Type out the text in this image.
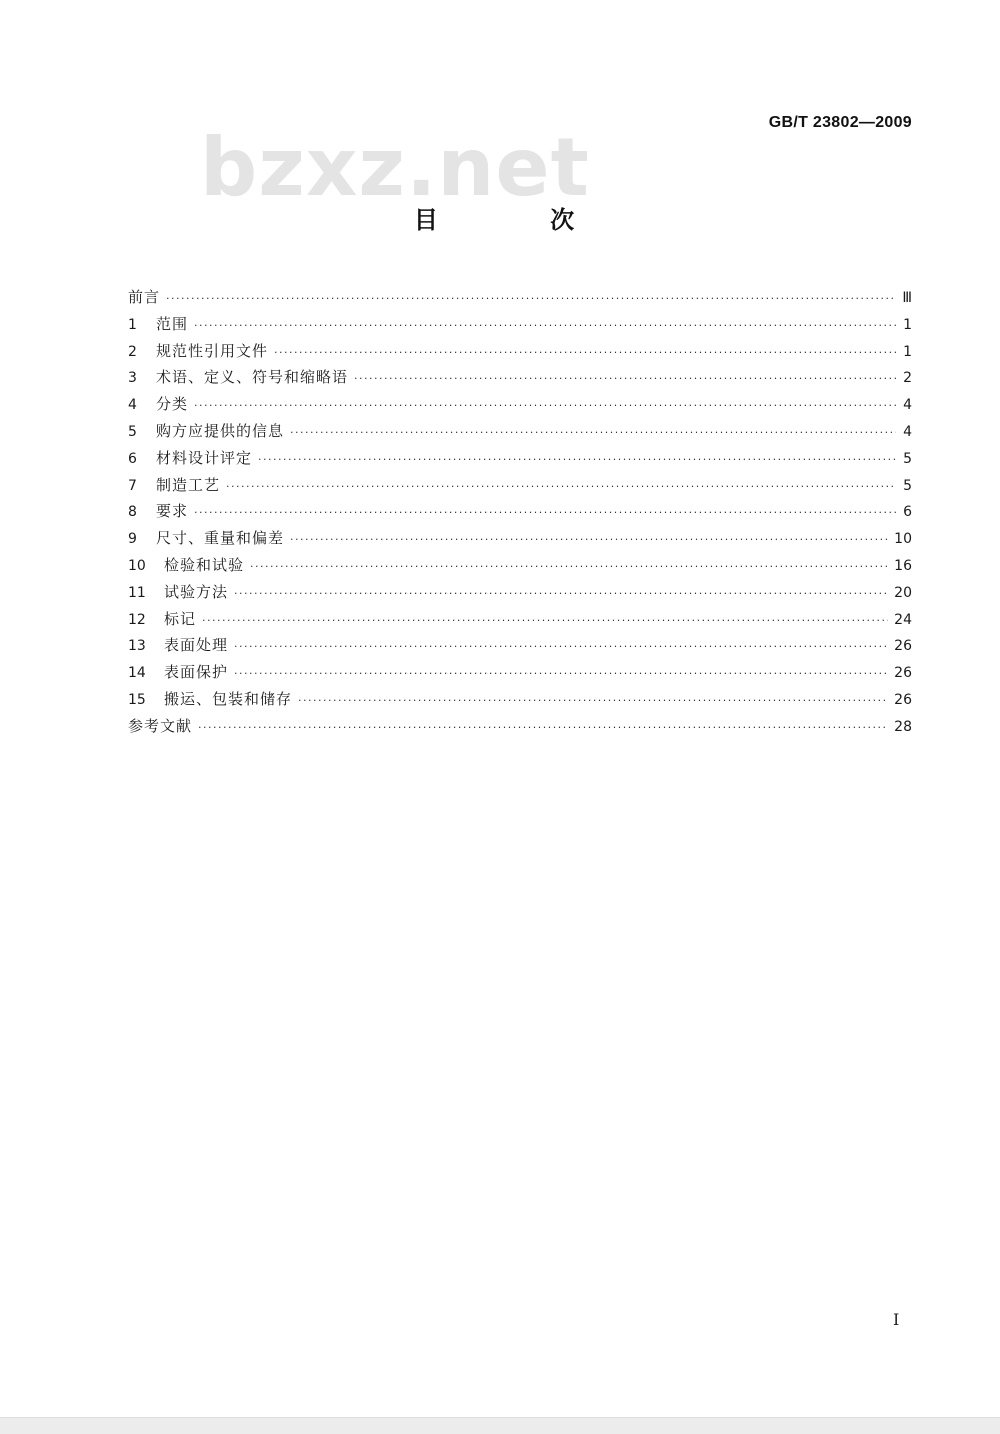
GB/T 23802—2009
bzxz.net
目 次
前言 ·····	Ⅲ
1	范围 ·····	1
2	规范性引用文件 ·····	1
3	术语、定义、符号和缩略语 ·····	2
4	分类 ·····	4
5	购方应提供的信息 ·····	4
6	材料设计评定 ·····	5
7	制造工艺 ·····	5
8	要求 ·····	6
9	尺寸、重量和偏差 ·····	10
10	检验和试验 ·····	16
11	试验方法 ·····	20
12	标记 ·····	24
13	表面处理 ·····	26
14	表面保护 ·····	26
15	搬运、包装和储存 ·····	26
参考文献 ·····	28
I
